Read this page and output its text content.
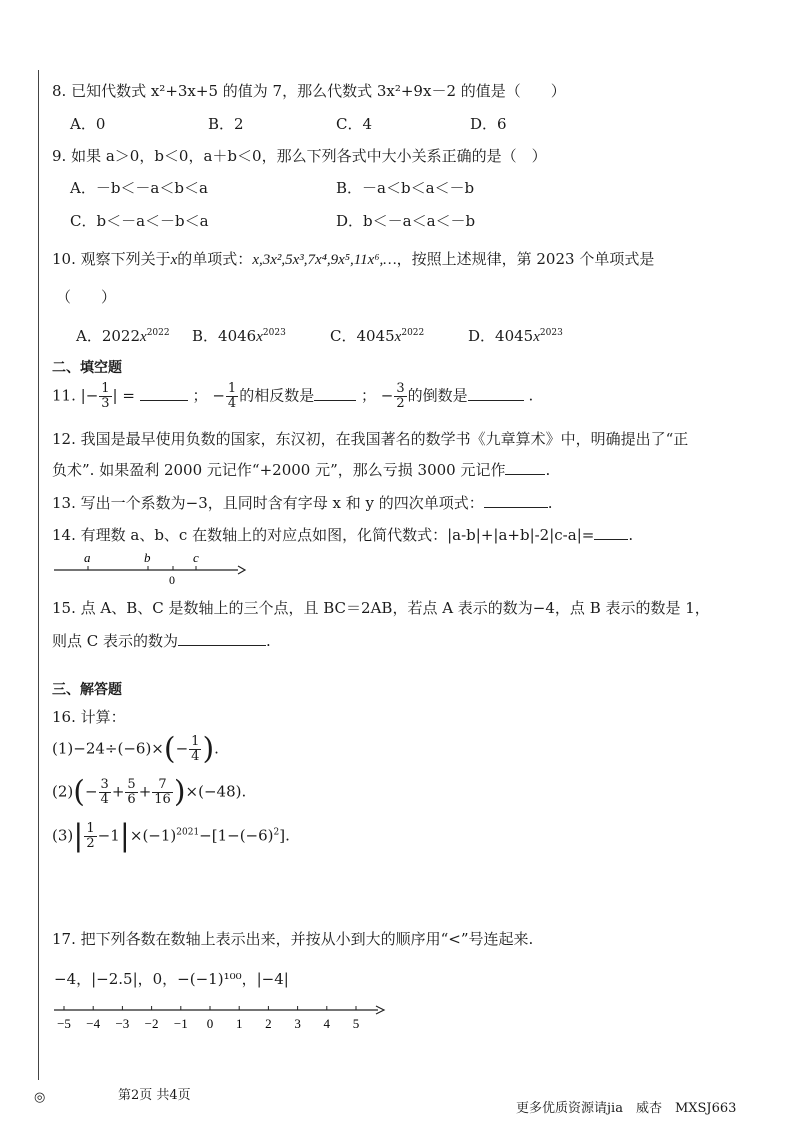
8. 已知代数式 x²+3x+5 的值为 7，那么代数式 3x²+9x－2 的值是（　　）
A．0	B．2	C．4	D．6
9. 如果 a＞0，b＜0，a＋b＜0，那么下列各式中大小关系正确的是（　）
A．－b＜－a＜b＜a	B．－a＜b＜a＜－b
C．b＜－a＜－b＜a	D．b＜－a＜a＜－b
10. 观察下列关于x的单项式：x,3x²,5x³,7x⁴,9x⁵,11x⁶,…，按照上述规律，第 2023 个单项式是
（　　）
A．$2022x^{2022}$ B．$4046x^{2023}$	C．$4045x^{2022}$	D．$4045x^{2023}$
二、填空题
11. |− $\frac{1}{3}$ | =	； − $\frac{1}{4}$ 的相反数是	； − $\frac{3}{2}$ 的倒数是	.
12. 我国是最早使用负数的国家，东汉初，在我国著名的数学书《九章算术》中，明确提出了“正
负术”. 如果盈利 2000 元记作“+2000 元”，那么亏损 3000 元记作	.
13. 写出一个系数为−3，且同时含有字母 x 和 y 的四次单项式：	.
14. 有理数 a、b、c 在数轴上的对应点如图，化简代数式：|a-b|+|a+b|-2|c-a|= .
a	b	c
0
15. 点 A、B、C 是数轴上的三个点，且 BC＝2AB，若点 A 表示的数为−4，点 B 表示的数是 1，
则点 C 表示的数为	.
三、解答题
16. 计算：
$(1)-24\div(-6)\times(- \frac{1}{4}$ ).
$(2)(- \frac{3}{4} + \frac{5}{6} + \frac{7}{16} )\times(-48)$.
$(3)| \frac{1}{2} -1|\times(-1)^{2021}-[1-(-6)^2]$.
17. 把下列各数在数轴上表示出来，并按从小到大的顺序用“<”号连起来.
−4，|−2.5|，0，−(−1)¹⁰⁰，|−4|
−5 −4 −3 −2 −1 0 1 2 3 4 5
◎	第2页 共4页
更多优质资源请jia　威杏　MXSJ663
